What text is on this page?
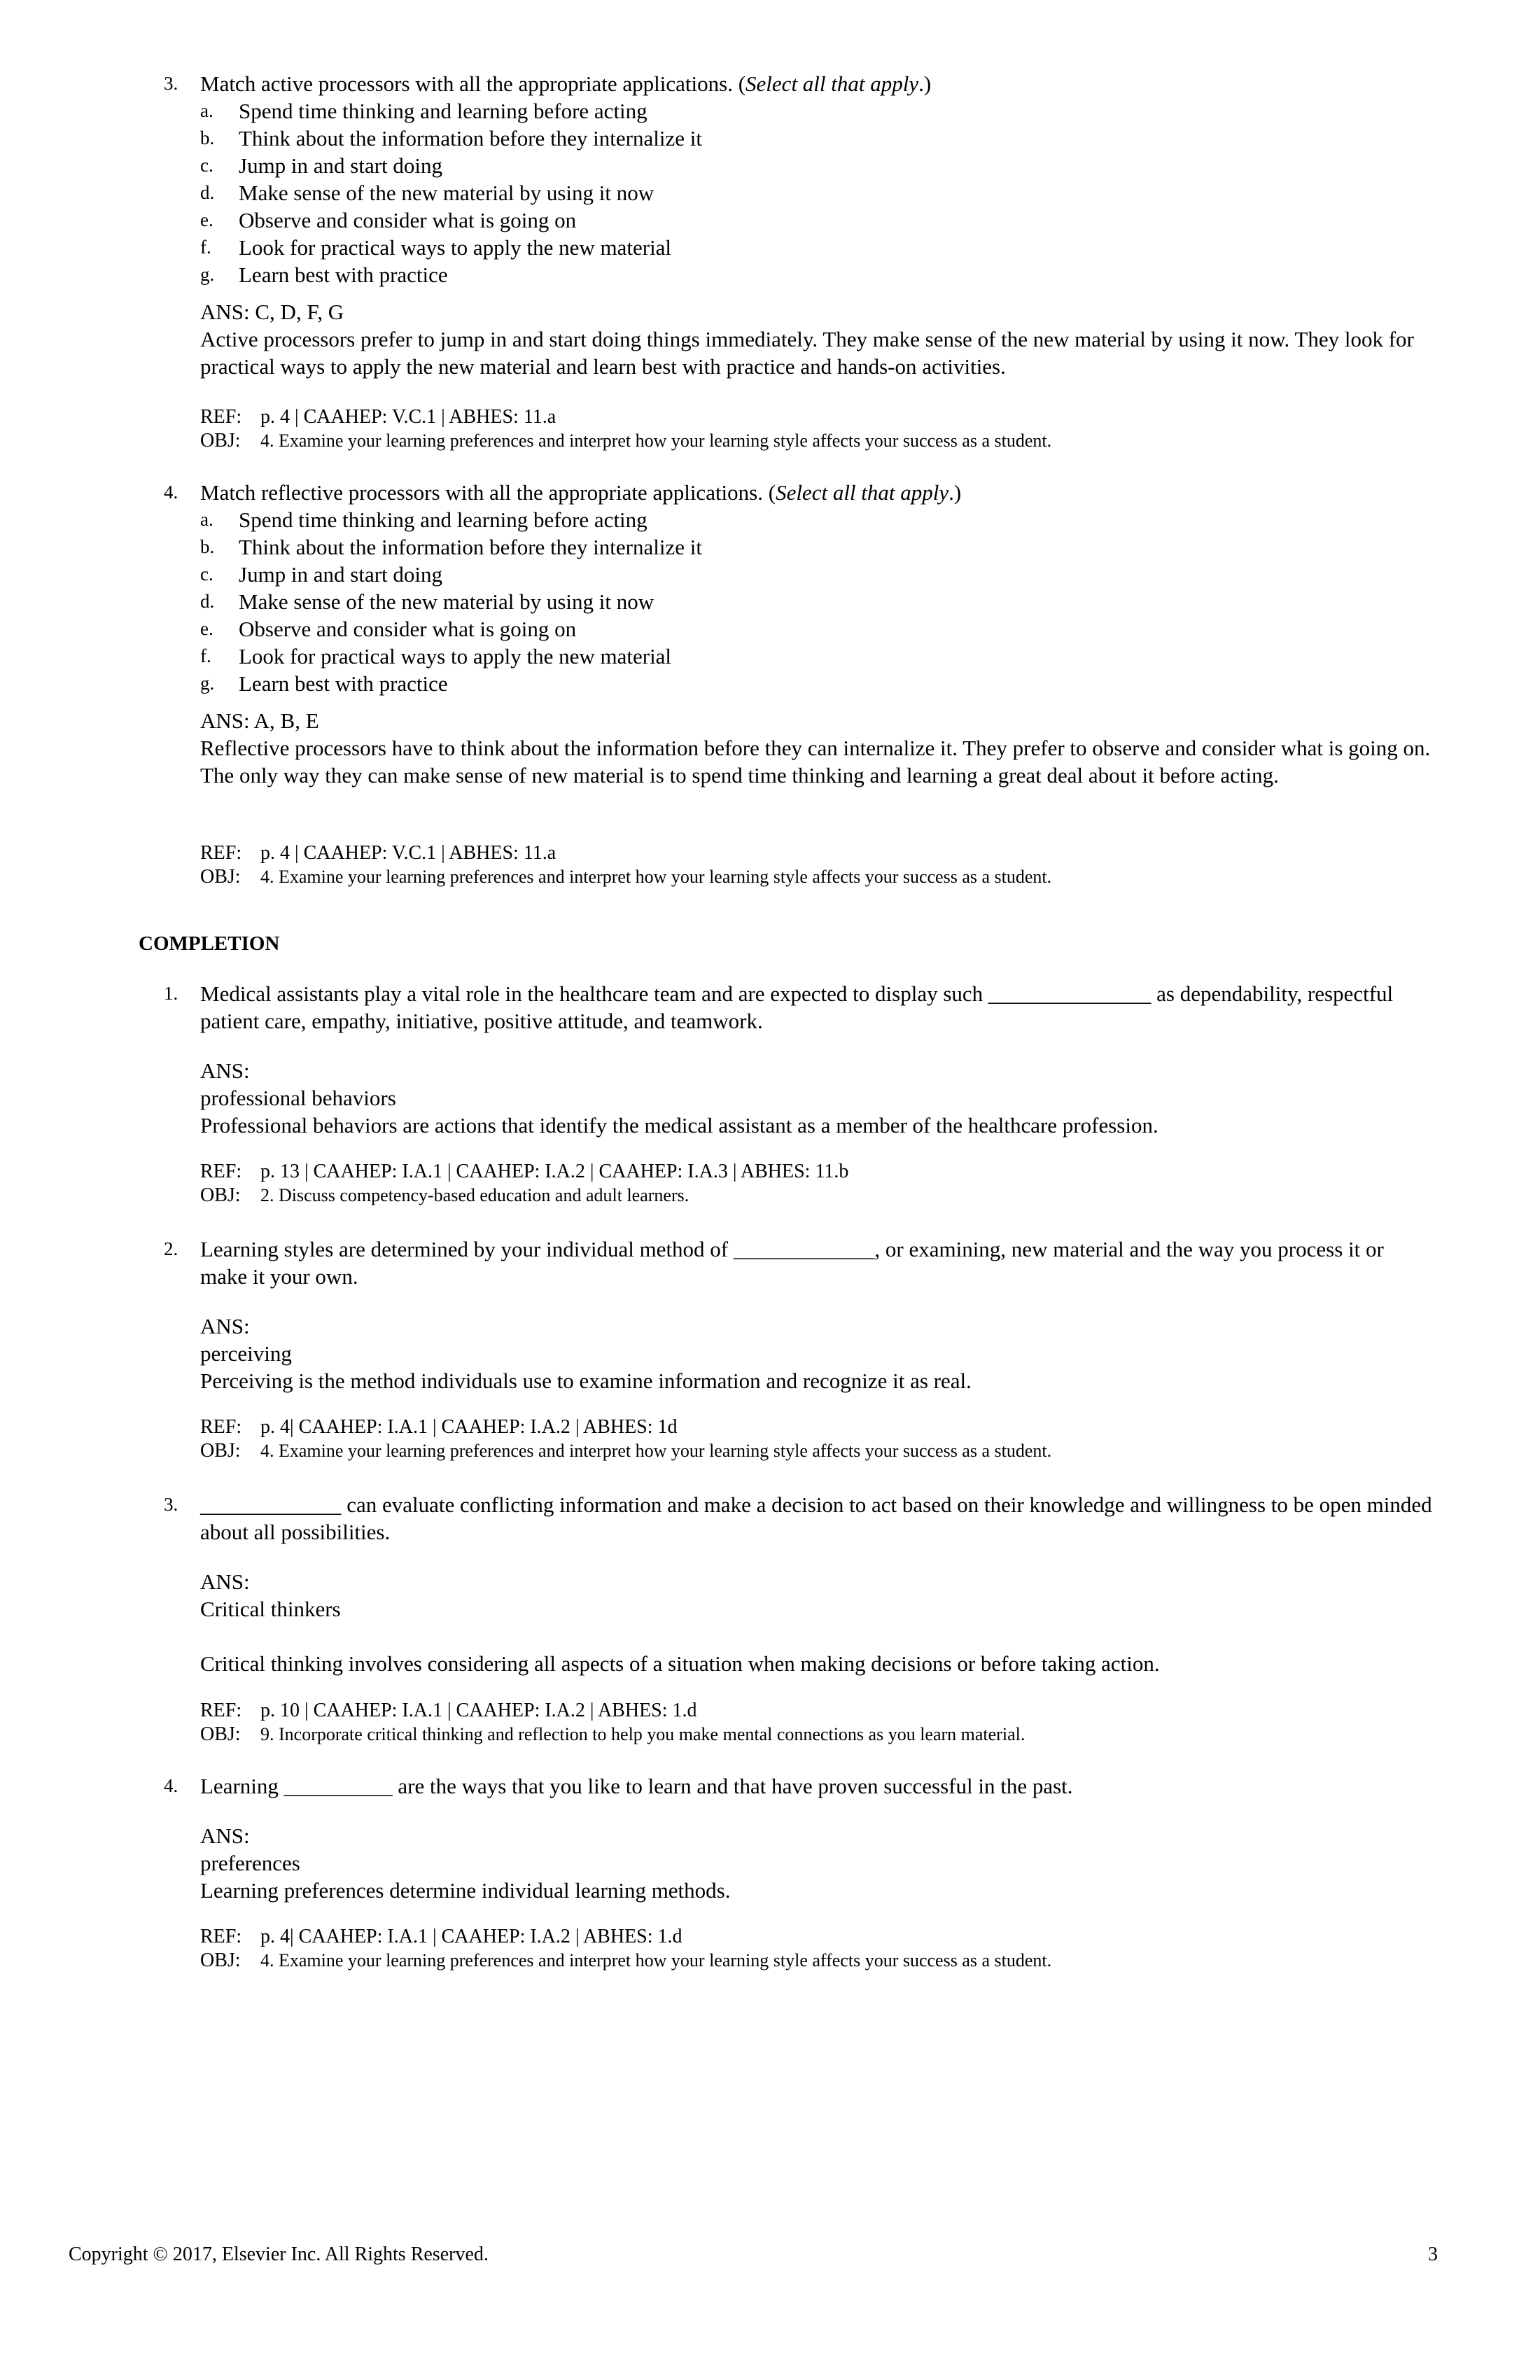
3. Match active processors with all the appropriate applications. (Select all that apply.)
a. Spend time thinking and learning before acting
b. Think about the information before they internalize it
c. Jump in and start doing
d. Make sense of the new material by using it now
e. Observe and consider what is going on
f. Look for practical ways to apply the new material
g. Learn best with practice
ANS: C, D, F, G
Active processors prefer to jump in and start doing things immediately. They make sense of the new material by using it now. They look for practical ways to apply the new material and learn best with practice and hands-on activities.
REF: p. 4 | CAAHEP: V.C.1 | ABHES: 11.a
OBJ: 4. Examine your learning preferences and interpret how your learning style affects your success as a student.
4. Match reflective processors with all the appropriate applications. (Select all that apply.)
a. Spend time thinking and learning before acting
b. Think about the information before they internalize it
c. Jump in and start doing
d. Make sense of the new material by using it now
e. Observe and consider what is going on
f. Look for practical ways to apply the new material
g. Learn best with practice
ANS: A, B, E
Reflective processors have to think about the information before they can internalize it. They prefer to observe and consider what is going on. The only way they can make sense of new material is to spend time thinking and learning a great deal about it before acting.
REF: p. 4 | CAAHEP: V.C.1 | ABHES: 11.a
OBJ: 4. Examine your learning preferences and interpret how your learning style affects your success as a student.
COMPLETION
1. Medical assistants play a vital role in the healthcare team and are expected to display such _______________ as dependability, respectful patient care, empathy, initiative, positive attitude, and teamwork.
ANS:
professional behaviors
Professional behaviors are actions that identify the medical assistant as a member of the healthcare profession.
REF: p. 13 | CAAHEP: I.A.1 | CAAHEP: I.A.2 | CAAHEP: I.A.3 | ABHES: 11.b
OBJ: 2. Discuss competency-based education and adult learners.
2. Learning styles are determined by your individual method of _____________, or examining, new material and the way you process it or make it your own.
ANS:
perceiving
Perceiving is the method individuals use to examine information and recognize it as real.
REF: p. 4| CAAHEP: I.A.1 | CAAHEP: I.A.2 | ABHES: 1d
OBJ: 4. Examine your learning preferences and interpret how your learning style affects your success as a student.
3. _____________ can evaluate conflicting information and make a decision to act based on their knowledge and willingness to be open minded about all possibilities.
ANS:
Critical thinkers
Critical thinking involves considering all aspects of a situation when making decisions or before taking action.
REF: p. 10 | CAAHEP: I.A.1 | CAAHEP: I.A.2 | ABHES: 1.d
OBJ: 9. Incorporate critical thinking and reflection to help you make mental connections as you learn material.
4. Learning __________ are the ways that you like to learn and that have proven successful in the past.
ANS:
preferences
Learning preferences determine individual learning methods.
REF: p. 4| CAAHEP: I.A.1 | CAAHEP: I.A.2 | ABHES: 1.d
OBJ: 4. Examine your learning preferences and interpret how your learning style affects your success as a student.
Copyright © 2017, Elsevier Inc. All Rights Reserved.	3
